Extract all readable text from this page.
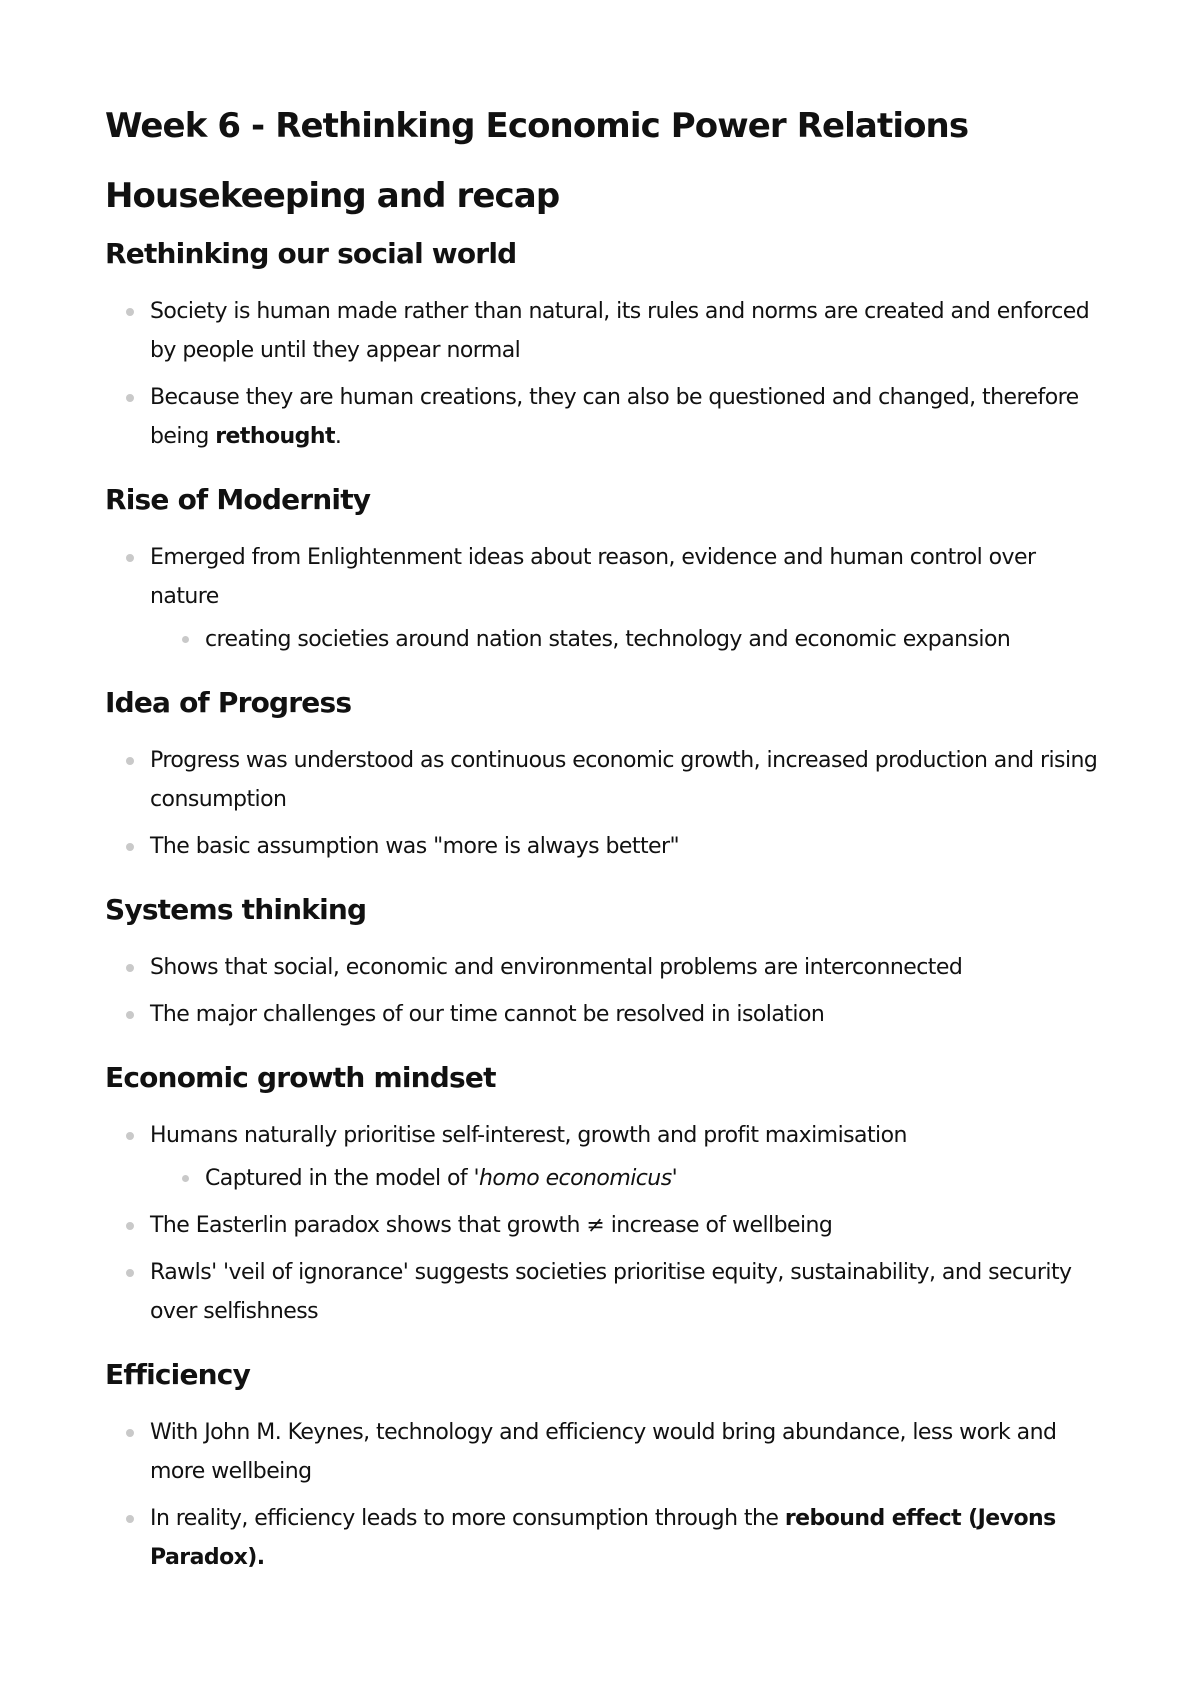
Week 6 - Rethinking Economic Power Relations
Housekeeping and recap
Rethinking our social world
Society is human made rather than natural, its rules and norms are created and enforced by people until they appear normal
Because they are human creations, they can also be questioned and changed, therefore being rethought.
Rise of Modernity
Emerged from Enlightenment ideas about reason, evidence and human control over nature
creating societies around nation states, technology and economic expansion
Idea of Progress
Progress was understood as continuous economic growth, increased production and rising consumption
The basic assumption was "more is always better"
Systems thinking
Shows that social, economic and environmental problems are interconnected
The major challenges of our time cannot be resolved in isolation
Economic growth mindset
Humans naturally prioritise self-interest, growth and profit maximisation
Captured in the model of 'homo economicus'
The Easterlin paradox shows that growth ≠ increase of wellbeing
Rawls' 'veil of ignorance' suggests societies prioritise equity, sustainability, and security over selfishness
Efficiency
With John M. Keynes, technology and efficiency would bring abundance, less work and more wellbeing
In reality, efficiency leads to more consumption through the rebound effect (Jevons Paradox).
